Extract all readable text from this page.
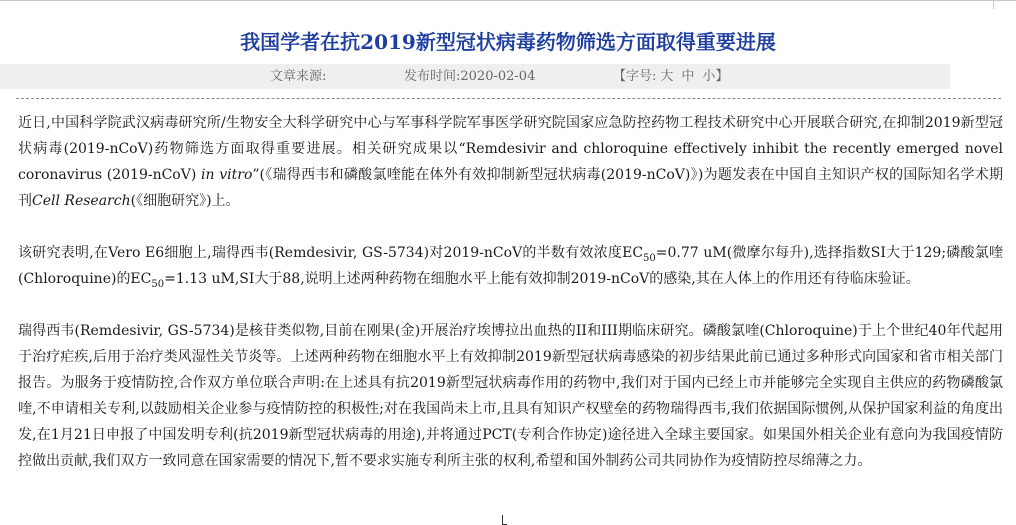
我国学者在抗2019新型冠状病毒药物筛选方面取得重要进展
文章来源:	发布时间:2020-02-04	【字号: 大 中 小】

近日,中国科学院武汉病毒研究所/生物安全大科学研究中心与军事科学院军事医学研究院国家应急防控药物工程技术研究中心开展联合研究,在抑制2019新型冠状病毒(2019-nCoV)药物筛选方面取得重要进展。相关研究成果以“Remdesivir and chloroquine effectively inhibit the recently emerged novel coronavirus (2019-nCoV) in vitro”(《瑞得西韦和磷酸氯喹能在体外有效抑制新型冠状病毒(2019-nCoV)》)为题发表在中国自主知识产权的国际知名学术期刊Cell Research(《细胞研究》)上。

该研究表明,在Vero E6细胞上,瑞得西韦(Remdesivir, GS-5734)对2019-nCoV的半数有效浓度$EC_{50}=0.77$ uM(微摩尔每升),选择指数SI大于129;磷酸氯喹(Chloroquine)的$EC_{50}=1.13$ uM,SI大于88,说明上述两种药物在细胞水平上能有效抑制2019-nCoV的感染,其在人体上的作用还有待临床验证。

瑞得西韦(Remdesivir, GS-5734)是核苷类似物,目前在刚果(金)开展治疗埃博拉出血热的II和III期临床研究。磷酸氯喹(Chloroquine)于上个世纪40年代起用于治疗疟疾,后用于治疗类风湿性关节炎等。上述两种药物在细胞水平上有效抑制2019新型冠状病毒感染的初步结果此前已通过多种形式向国家和省市相关部门报告。为服务于疫情防控,合作双方单位联合声明:在上述具有抗2019新型冠状病毒作用的药物中,我们对于国内已经上市并能够完全实现自主供应的药物磷酸氯喹,不申请相关专利,以鼓励相关企业参与疫情防控的积极性;对在我国尚未上市,且具有知识产权壁垒的药物瑞得西韦,我们依据国际惯例,从保护国家利益的角度出发,在1月21日申报了中国发明专利(抗2019新型冠状病毒的用途),并将通过PCT(专利合作协定)途径进入全球主要国家。如果国外相关企业有意向为我国疫情防控做出贡献,我们双方一致同意在国家需要的情况下,暂不要求实施专利所主张的权利,希望和国外制药公司共同协作为疫情防控尽绵薄之力。
